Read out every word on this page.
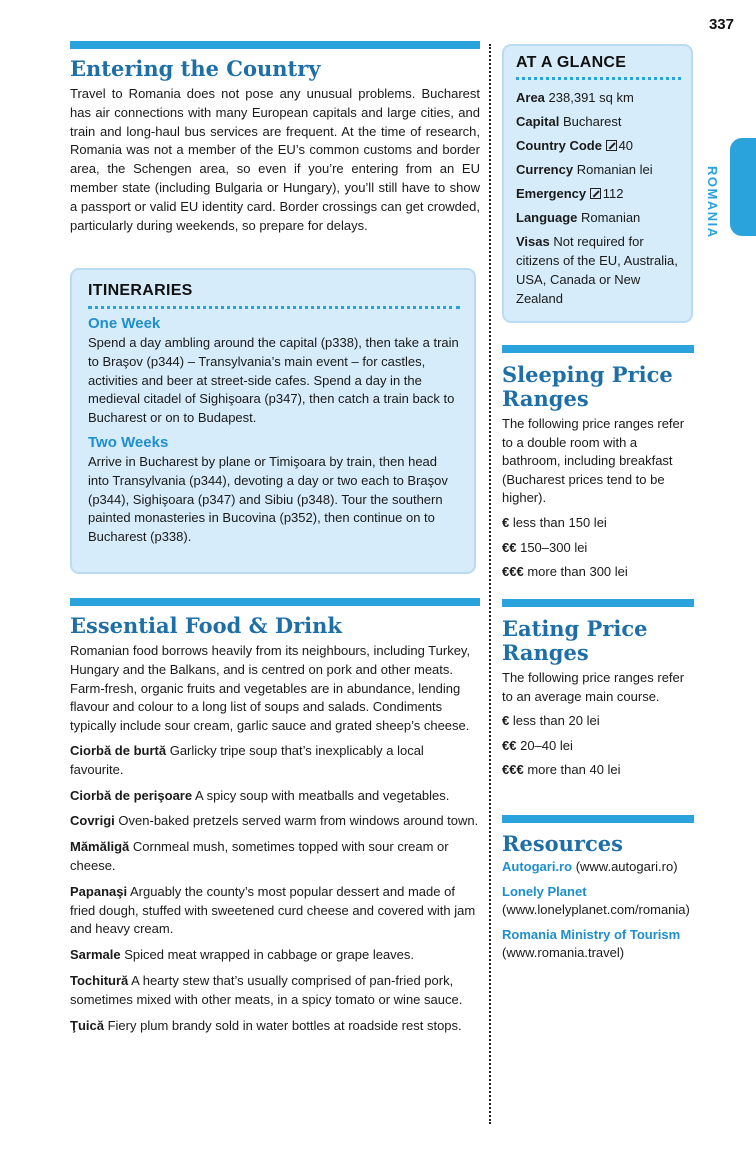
337
ROMANIA
Entering the Country

Travel to Romania does not pose any unusual problems. Bucharest has air connections with many European capitals and large cities, and train and long-haul bus services are frequent. At the time of research, Romania was not a member of the EU’s common customs and border area, the Schengen area, so even if you’re entering from an EU member state (including Bulgaria or Hungary), you’ll still have to show a passport or valid EU identity card. Border crossings can get crowded, particularly during weekends, so prepare for delays.

ITINERARIES
One Week

Spend a day ambling around the capital (p338), then take a train to Braşov (p344) – Transylvania’s main event – for castles, activities and beer at street-side cafes. Spend a day in the medieval citadel of Sighişoara (p347), then catch a train back to Bucharest or on to Budapest.

Two Weeks

Arrive in Bucharest by plane or Timişoara by train, then head into Transylvania (p344), devoting a day or two each to Braşov (p344), Sighişoara (p347) and Sibiu (p348). Tour the southern painted monasteries in Bucovina (p352), then continue on to Bucharest (p338).

Essential Food & Drink

Romanian food borrows heavily from its neighbours, including Turkey, Hungary and the Balkans, and is centred on pork and other meats. Farm-fresh, organic fruits and vegetables are in abundance, lending flavour and colour to a long list of soups and salads. Condiments typically include sour cream, garlic sauce and grated sheep’s cheese.

Ciorbă de burtă Garlicky tripe soup that’s inexplicably a local favourite.

Ciorbă de perişoare A spicy soup with meatballs and vegetables.

Covrigi Oven-baked pretzels served warm from windows around town.

Mămăligă Cornmeal mush, sometimes topped with sour cream or cheese.

Papanaşi Arguably the county’s most popular dessert and made of fried dough, stuffed with sweetened curd cheese and covered with jam and heavy cream.

Sarmale Spiced meat wrapped in cabbage or grape leaves.

Tochitură A hearty stew that’s usually comprised of pan-fried pork, sometimes mixed with other meats, in a spicy tomato or wine sauce.

Ţuică Fiery plum brandy sold in water bottles at roadside rest stops.

AT A GLANCE
Area 238,391 sq km
Capital Bucharest
Country Code 40
Currency Romanian lei
Emergency 112
Language Romanian
Visas Not required for citizens of the EU, Australia, USA, Canada or New Zealand
Sleeping Price Ranges

The following price ranges refer to a double room with a bathroom, including breakfast (Bucharest prices tend to be higher).

€ less than 150 lei

€€ 150–300 lei

€€€ more than 300 lei

Eating Price Ranges

The following price ranges refer to an average main course.

€ less than 20 lei

€€ 20–40 lei

€€€ more than 40 lei

Resources

Autogari.ro (www.autogari.ro)

Lonely Planet (www.lonelyplanet.com/romania)

Romania Ministry of Tourism (www.romania.travel)
